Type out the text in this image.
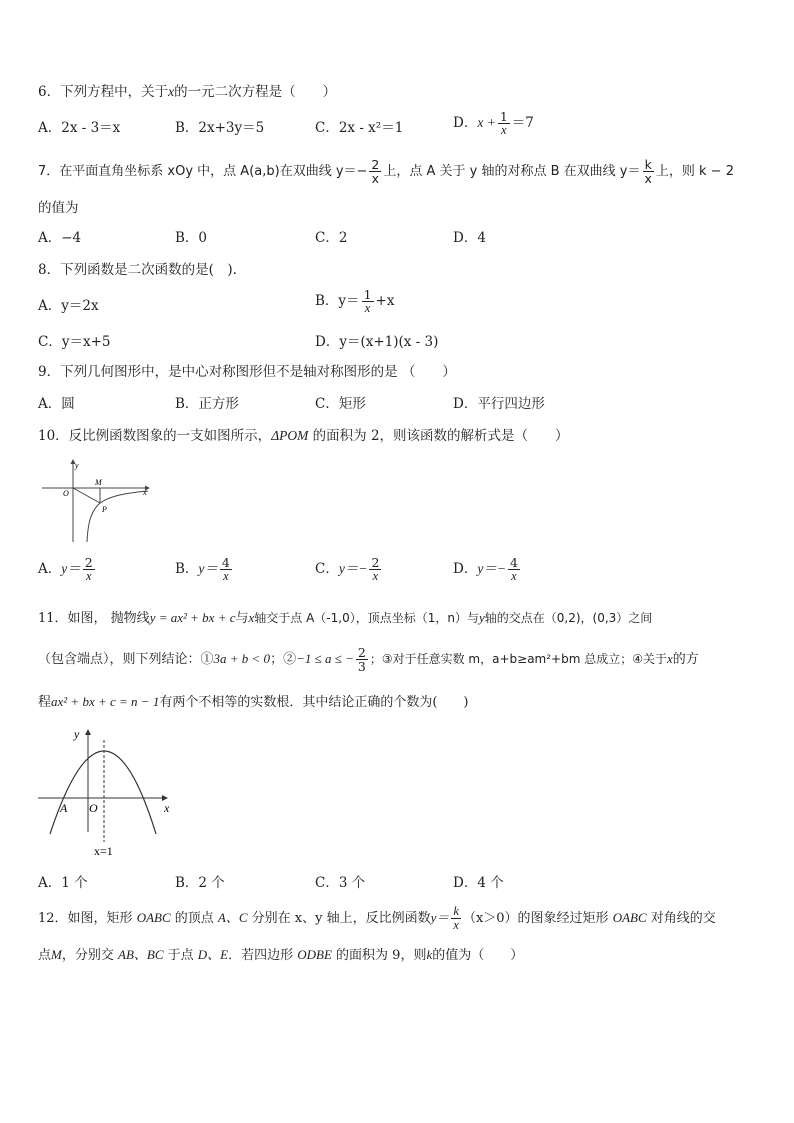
6．下列方程中，关于x的一元二次方程是（　　）
A．2x - 3＝x	B．2x+3y＝5	C．2x - x²＝1	D．$x + \frac{1}{x} =7$
7．在平面直角坐标系 xOy 中，点 A(a,b)在双曲线 $y=- \frac{2}{x}$ 上，点 A 关于 y 轴的对称点 B 在双曲线 $y= \frac{k}{x}$ 上，则 k − 2
的值为
A．−4	B．0	C．2	D．4
8．下列函数是二次函数的是(　).
A．y＝2x	B．$y= \frac{1}{x} +x$
C．y＝x+5	D．y＝(x+1)(x - 3)
9．下列几何图形中，是中心对称图形但不是轴对称图形的是 （　　）
A．圆	B．正方形	C．矩形	D．平行四边形
10．反比例函数图象的一支如图所示，ΔPOM 的面积为 2，则该函数的解析式是（　　）
y
x
O
M
P
A．$y= \frac{2}{x}$	B．$y= \frac{4}{x}$	C．$y=- \frac{2}{x}$	D．$y=- \frac{4}{x}$
11．如图， 抛物线y = ax² + bx + c与x轴交于点 A（-1,0），顶点坐标（1，n）与y轴的交点在（0,2)，(0,3）之间
（包含端点），则下列结论：①3a + b < 0；②−1 ≤ a ≤ − $\frac{2}{3}$ ；③对于任意实数 m，a+b≥am²+bm 总成立；④关于x的方
程ax² + bx + c = n − 1有两个不相等的实数根．其中结论正确的个数为(　　)
y
x
A O
x=1
A．1 个	B．2 个	C．3 个	D．4 个
12．如图，矩形 OABC 的顶点 A、C 分别在 x、y 轴上，反比例函数$y= \frac{k}{x} (x>0)$的图象经过矩形 OABC 对角线的交
点M，分别交 AB、BC 于点 D、E．若四边形 ODBE 的面积为 9，则k的值为（　　）
